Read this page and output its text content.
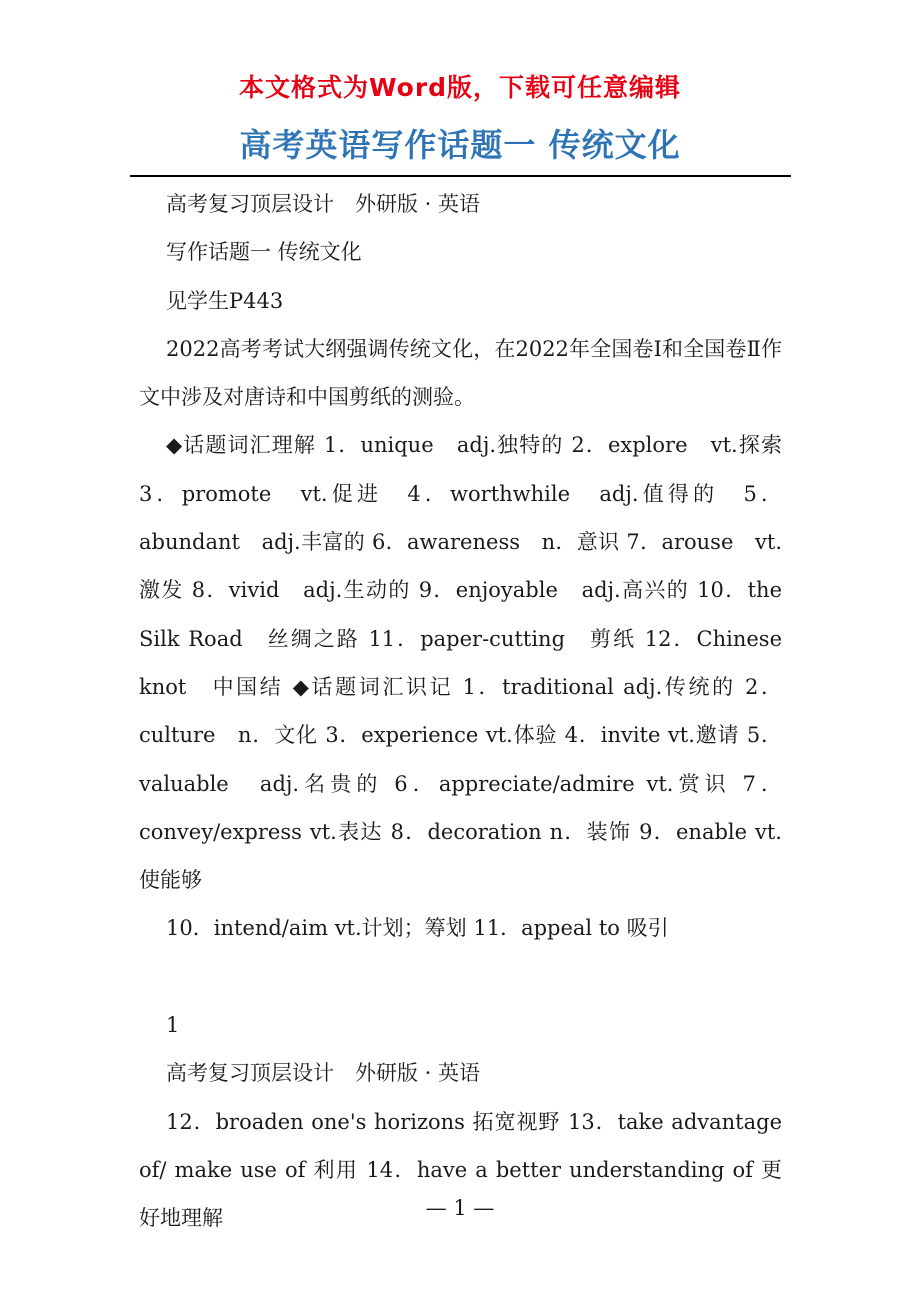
本文格式为Word版，下载可任意编辑
高考英语写作话题一 传统文化

高考复习顶层设计　外研版 · 英语

写作话题一 传统文化

见学生P443

2022高考考试大纲强调传统文化，在2022年全国卷Ⅰ和全国卷Ⅱ作文中涉及对唐诗和中国剪纸的测验。

◆话题词汇理解 1．unique　adj.独特的 2．explore　vt.探索　3．promote　vt.促进　4．worthwhile　adj.值得的　5．abundant　adj.丰富的 6．awareness　n．意识 7．arouse　vt.激发 8．vivid　adj.生动的 9．enjoyable　adj.高兴的 10．the Silk Road　丝绸之路 11．paper-cutting　剪纸 12．Chinese knot　中国结 ◆话题词汇识记 1．traditional adj.传统的 2．culture　n．文化 3．experience vt.体验 4．invite vt.邀请 5．valuable　adj.名贵的 6．appreciate/admire vt.赏识 7．convey/express vt.表达 8．decoration n．装饰 9．enable vt.使能够

10．intend/aim vt.计划；筹划 11．appeal to 吸引

1

高考复习顶层设计　外研版 · 英语

12．broaden one's horizons 拓宽视野 13．take advantage of/ make use of 利用 14．have a better understanding of 更好地理解	— 1 —
